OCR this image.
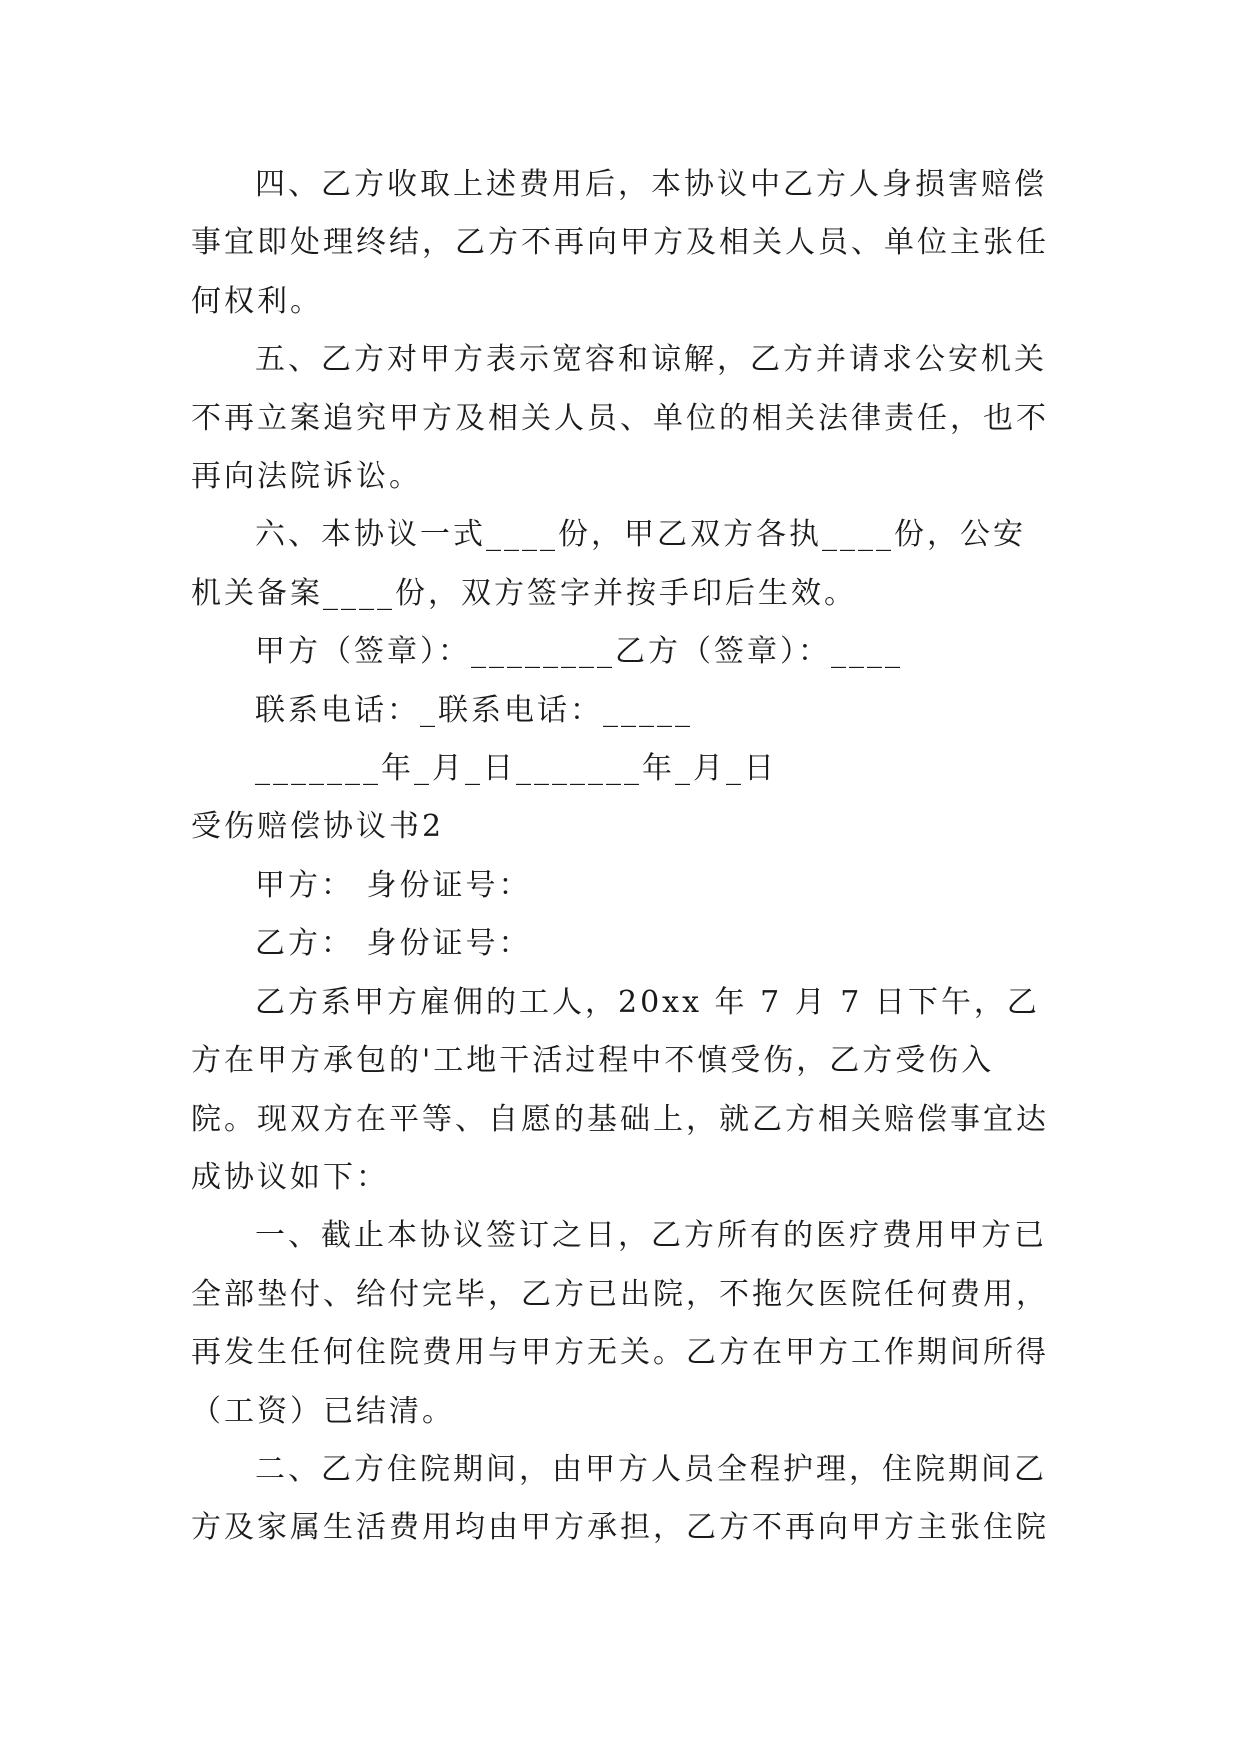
四、乙方收取上述费用后，本协议中乙方人身损害赔偿事宜即处理终结，乙方不再向甲方及相关人员、单位主张任何权利。

五、乙方对甲方表示宽容和谅解，乙方并请求公安机关不再立案追究甲方及相关人员、单位的相关法律责任，也不再向法院诉讼。

六、本协议一式____份，甲乙双方各执____份，公安机关备案____份，双方签字并按手印后生效。

甲方（签章）：________乙方（签章）：____

联系电话：_联系电话：_____

_______年_月_日_______年_月_日

受伤赔偿协议书2

甲方： 身份证号：

乙方： 身份证号：

乙方系甲方雇佣的工人，20xx 年 7 月 7 日下午，乙方在甲方承包的'工地干活过程中不慎受伤，乙方受伤入院。现双方在平等、自愿的基础上，就乙方相关赔偿事宜达成协议如下：

一、截止本协议签订之日，乙方所有的医疗费用甲方已全部垫付、给付完毕，乙方已出院，不拖欠医院任何费用，再发生任何住院费用与甲方无关。乙方在甲方工作期间所得（工资）已结清。

二、乙方住院期间，由甲方人员全程护理，住院期间乙方及家属生活费用均由甲方承担，乙方不再向甲方主张住院
